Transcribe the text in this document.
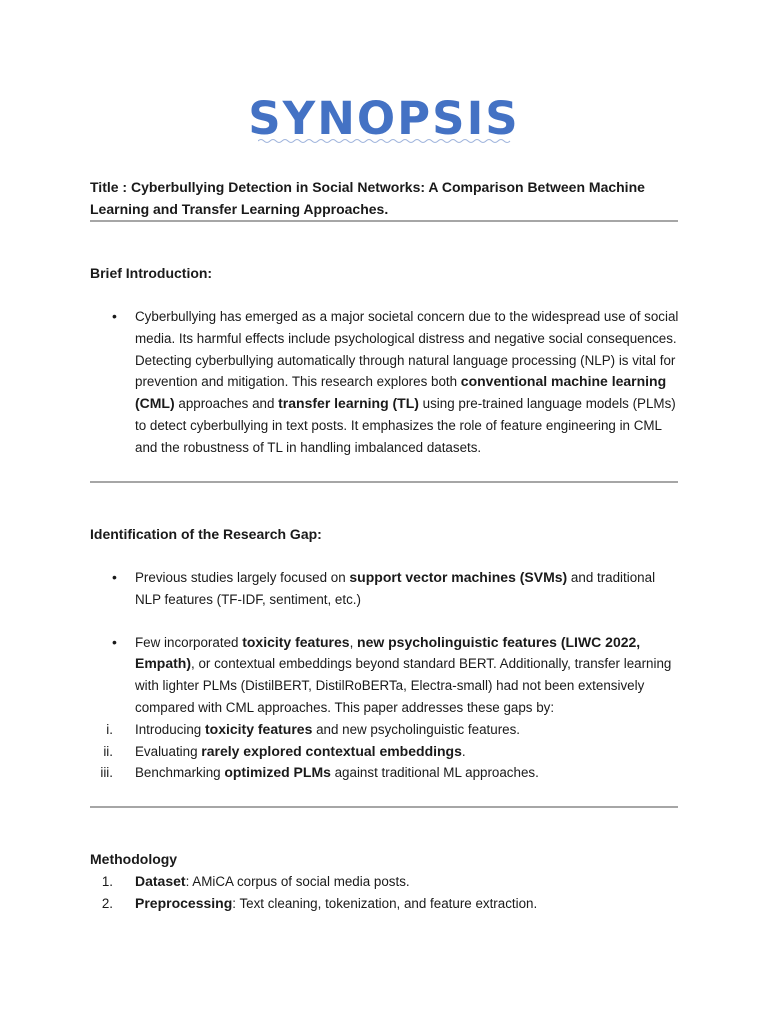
SYNOPSIS

Title : Cyberbullying Detection in Social Networks: A Comparison Between Machine Learning and Transfer Learning Approaches.

Brief Introduction:

• Cyberbullying has emerged as a major societal concern due to the widespread use of social media. Its harmful effects include psychological distress and negative social consequences. Detecting cyberbullying automatically through natural language processing (NLP) is vital for prevention and mitigation. This research explores both conventional machine learning (CML) approaches and transfer learning (TL) using pre-trained language models (PLMs) to detect cyberbullying in text posts. It emphasizes the role of feature engineering in CML and the robustness of TL in handling imbalanced datasets.

Identification of the Research Gap:

• Previous studies largely focused on support vector machines (SVMs) and traditional NLP features (TF-IDF, sentiment, etc.)

• Few incorporated toxicity features, new psycholinguistic features (LIWC 2022, Empath), or contextual embeddings beyond standard BERT. Additionally, transfer learning with lighter PLMs (DistilBERT, DistilRoBERTa, Electra-small) had not been extensively compared with CML approaches. This paper addresses these gaps by:

i. Introducing toxicity features and new psycholinguistic features.

ii. Evaluating rarely explored contextual embeddings.

iii. Benchmarking optimized PLMs against traditional ML approaches.

Methodology

1. Dataset: AMiCA corpus of social media posts.

2. Preprocessing: Text cleaning, tokenization, and feature extraction.
